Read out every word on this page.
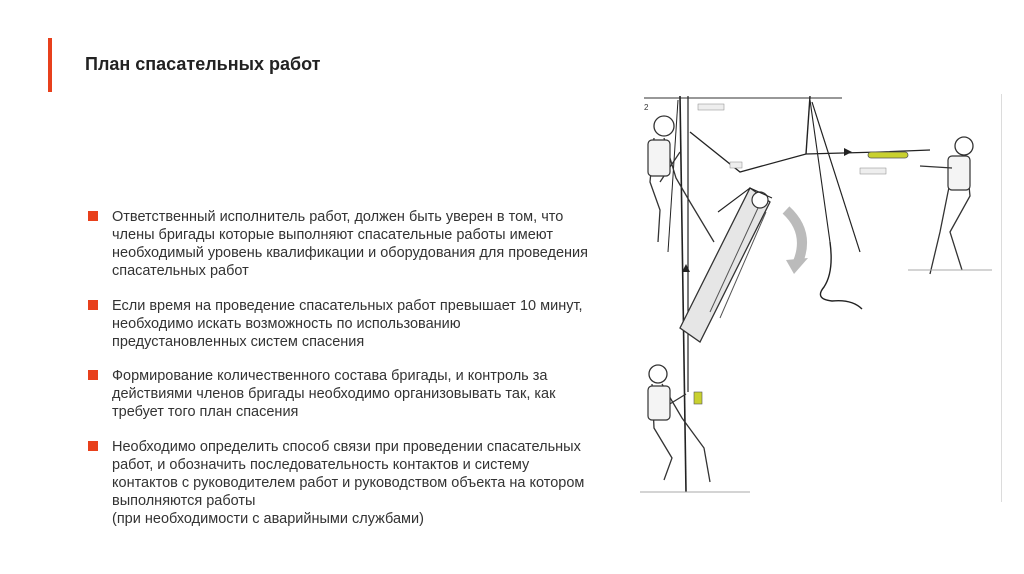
План спасательных работ
Ответственный исполнитель работ, должен быть уверен в том, что члены бригады которые выполняют спасательные работы имеют необходимый уровень квалификации и оборудования для проведения спасательных работ
Если время на проведение спасательных работ превышает 10 минут, необходимо искать возможность по использованию предустановленных систем спасения
Формирование количественного состава бригады, и контроль за действиями членов бригады необходимо организовывать так, как требует того план спасения
Необходимо определить способ связи при проведении спасательных работ, и обозначить последовательность контактов и систему контактов с руководителем работ и руководством объекта на котором выполняются работы
(при необходимости с аварийными службами)
2
